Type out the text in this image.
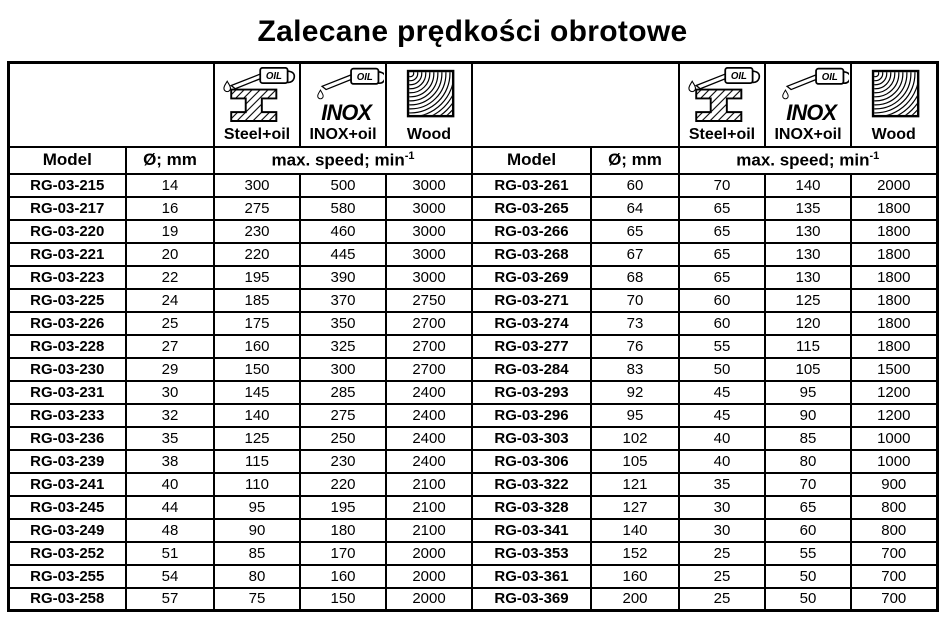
Zalecane prędkości obrotowe

		Steel+oil	INOX+oil	Wood			Steel+oil	INOX+oil	Wood

Model	Ø; mm	max. speed; $\min^{-1}$			Model	Ø; mm	max. speed; $\min^{-1}$
RG-03-215	14	300	500	3000	RG-03-261	60	70	140	2000
RG-03-217	16	275	580	3000	RG-03-265	64	65	135	1800
RG-03-220	19	230	460	3000	RG-03-266	65	65	130	1800
RG-03-221	20	220	445	3000	RG-03-268	67	65	130	1800
RG-03-223	22	195	390	3000	RG-03-269	68	65	130	1800
RG-03-225	24	185	370	2750	RG-03-271	70	60	125	1800
RG-03-226	25	175	350	2700	RG-03-274	73	60	120	1800
RG-03-228	27	160	325	2700	RG-03-277	76	55	115	1800
RG-03-230	29	150	300	2700	RG-03-284	83	50	105	1500
RG-03-231	30	145	285	2400	RG-03-293	92	45	95	1200
RG-03-233	32	140	275	2400	RG-03-296	95	45	90	1200
RG-03-236	35	125	250	2400	RG-03-303	102	40	85	1000
RG-03-239	38	115	230	2400	RG-03-306	105	40	80	1000
RG-03-241	40	110	220	2100	RG-03-322	121	35	70	900
RG-03-245	44	95	195	2100	RG-03-328	127	30	65	800
RG-03-249	48	90	180	2100	RG-03-341	140	30	60	800
RG-03-252	51	85	170	2000	RG-03-353	152	25	55	700
RG-03-255	54	80	160	2000	RG-03-361	160	25	50	700
RG-03-258	57	75	150	2000	RG-03-369	200	25	50	700
